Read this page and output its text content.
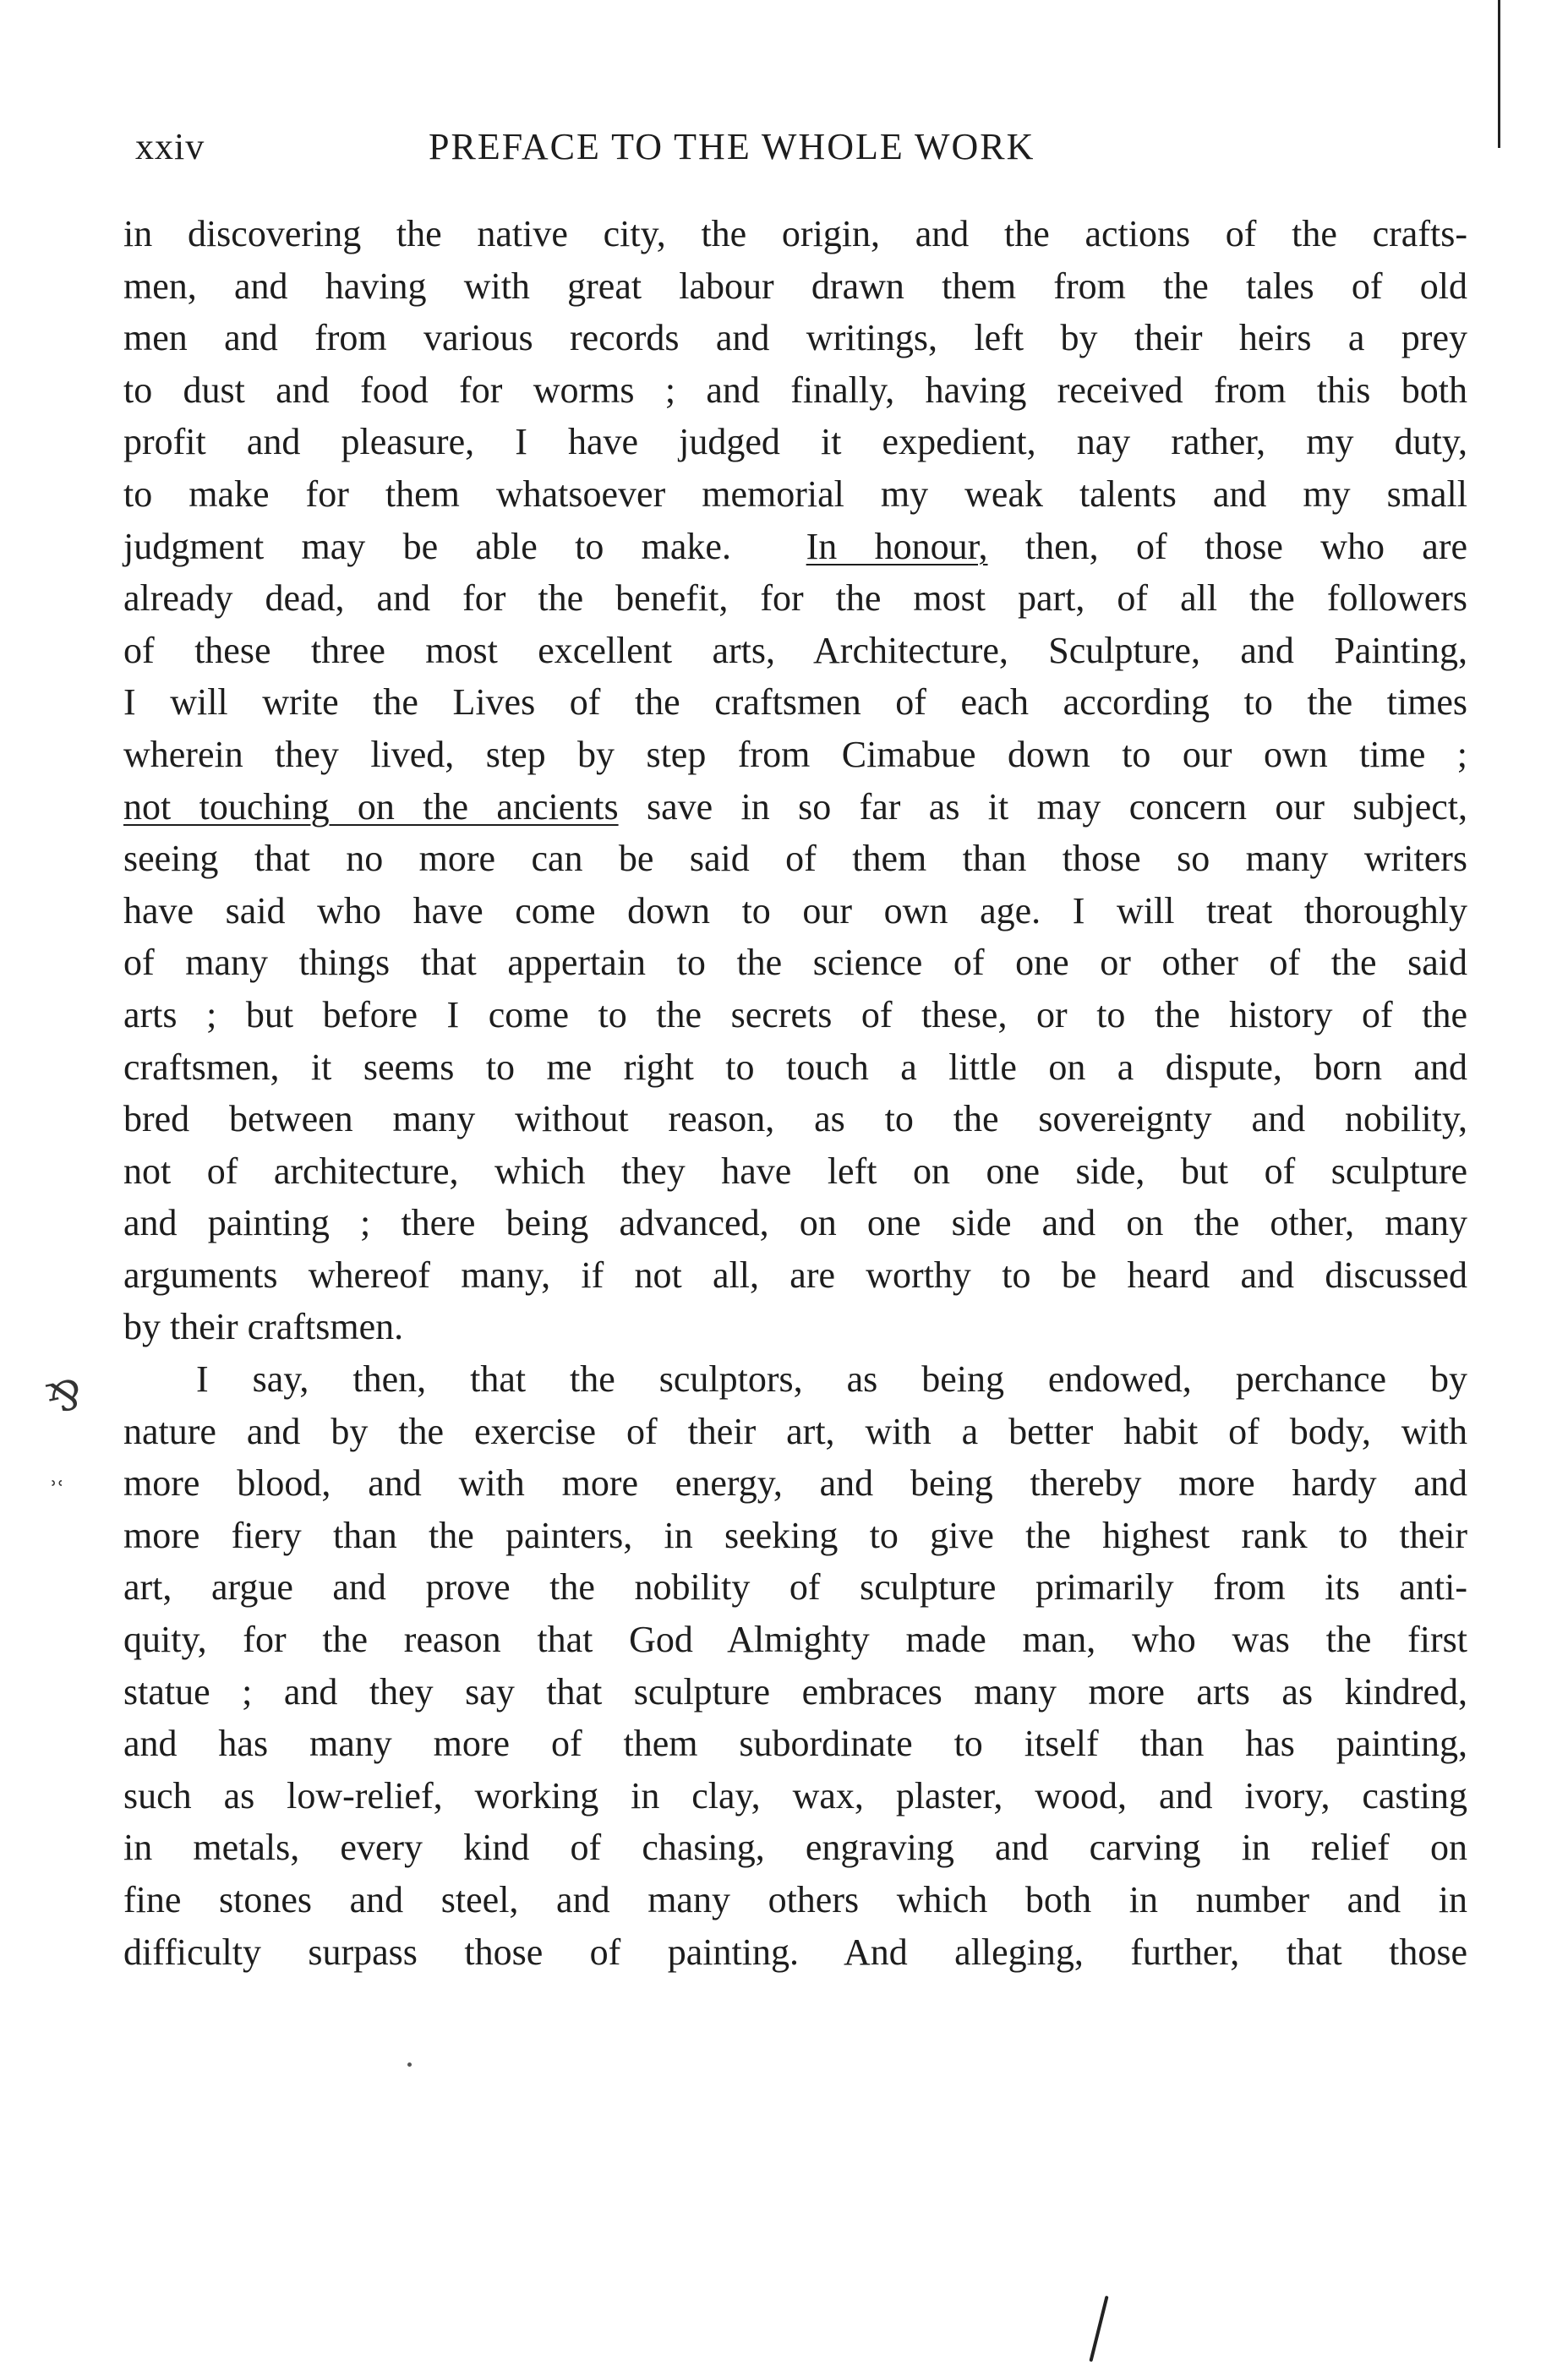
xxiv	PREFACE TO THE WHOLE WORK
in discovering the native city, the origin, and the actions of the crafts-
men, and having with great labour drawn them from the tales of old
men and from various records and writings, left by their heirs a prey
to dust and food for worms ; and finally, having received from this both
profit and pleasure, I have judged it expedient, nay rather, my duty,
to make for them whatsoever memorial my weak talents and my small
judgment may be able to make. In honour, then, of those who are
already dead, and for the benefit, for the most part, of all the followers
of these three most excellent arts, Architecture, Sculpture, and Painting,
I will write the Lives of the craftsmen of each according to the times
wherein they lived, step by step from Cimabue down to our own time ;
not touching on the ancients save in so far as it may concern our subject,
seeing that no more can be said of them than those so many writers
have said who have come down to our own age. I will treat thoroughly
of many things that appertain to the science of one or other of the said
arts ; but before I come to the secrets of these, or to the history of the
craftsmen, it seems to me right to touch a little on a dispute, born and
bred between many without reason, as to the sovereignty and nobility,
not of architecture, which they have left on one side, but of sculpture
and painting ; there being advanced, on one side and on the other, many
arguments whereof many, if not all, are worthy to be heard and discussed
by their craftsmen.
I say, then, that the sculptors, as being endowed, perchance by
nature and by the exercise of their art, with a better habit of body, with
more blood, and with more energy, and being thereby more hardy and
more fiery than the painters, in seeking to give the highest rank to their
art, argue and prove the nobility of sculpture primarily from its anti-
quity, for the reason that God Almighty made man, who was the first
statue ; and they say that sculpture embraces many more arts as kindred,
and has many more of them subordinate to itself than has painting,
such as low-relief, working in clay, wax, plaster, wood, and ivory, casting
in metals, every kind of chasing, engraving and carving in relief on
fine stones and steel, and many others which both in number and in
difficulty surpass those of painting. And alleging, further, that those
⅋
ʾʿ
